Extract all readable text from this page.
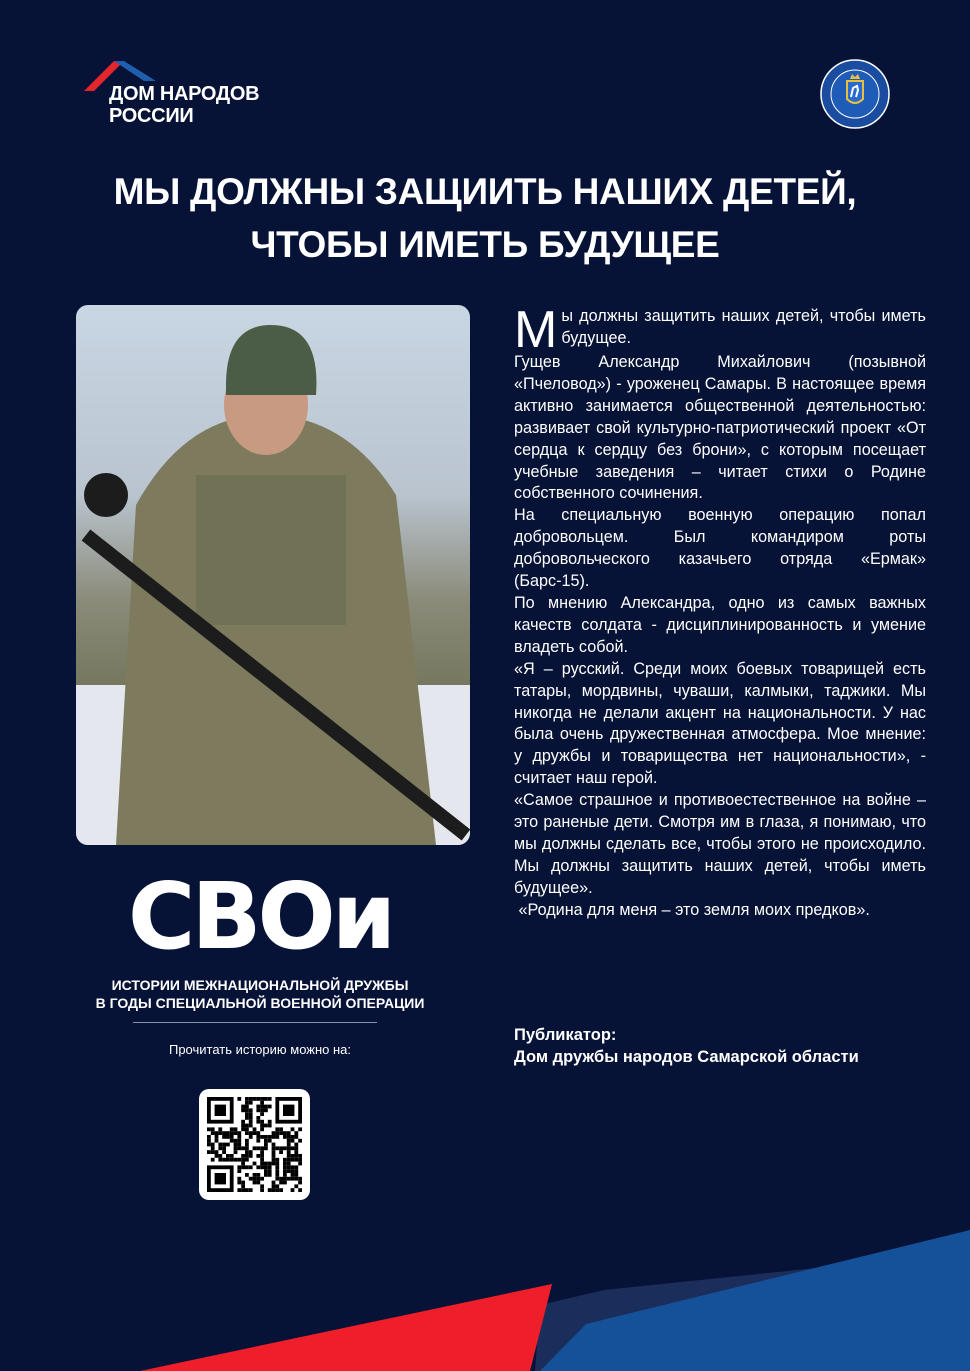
ДОМ НАРОДОВ
РОССИИ
МЫ ДОЛЖНЫ ЗАЩИИТЬ НАШИХ ДЕТЕЙ,
ЧТОБЫ ИМЕТЬ БУДУЩЕЕ

Мы должны защитить наших детей, чтобы иметь будущее.

Гущев Александр Михайлович (позывной «Пчеловод») - уроженец Самары. В настоящее время активно занимается общественной деятельностью: развивает свой культурно-патриотический проект «От сердца к сердцу без брони», с которым посещает учебные заведения – читает стихи о Родине собственного сочинения.

На специальную военную операцию попал добровольцем. Был командиром роты добровольческого казачьего отряда «Ермак» (Барс-15).

По мнению Александра, одно из самых важных качеств солдата - дисциплинированность и умение владеть собой.

«Я – русский. Среди моих боевых товарищей есть татары, мордвины, чуваши, калмыки, таджики. Мы никогда не делали акцент на национальности. У нас была очень дружественная атмосфера. Мое мнение: у дружбы и товарищества нет национальности», - считает наш герой.

«Самое страшное и противоестественное на войне – это раненые дети. Смотря им в глаза, я понимаю, что мы должны сделать все, чтобы этого не происходило. Мы должны защитить наших детей, чтобы иметь будущее».

«Родина для меня – это земля моих предков».

Публикатор:
Дом дружбы народов Самарской области
СВОи
ИСТОРИИ МЕЖНАЦИОНАЛЬНОЙ ДРУЖБЫ
В ГОДЫ СПЕЦИАЛЬНОЙ ВОЕННОЙ ОПЕРАЦИИ
Прочитать историю можно на:
